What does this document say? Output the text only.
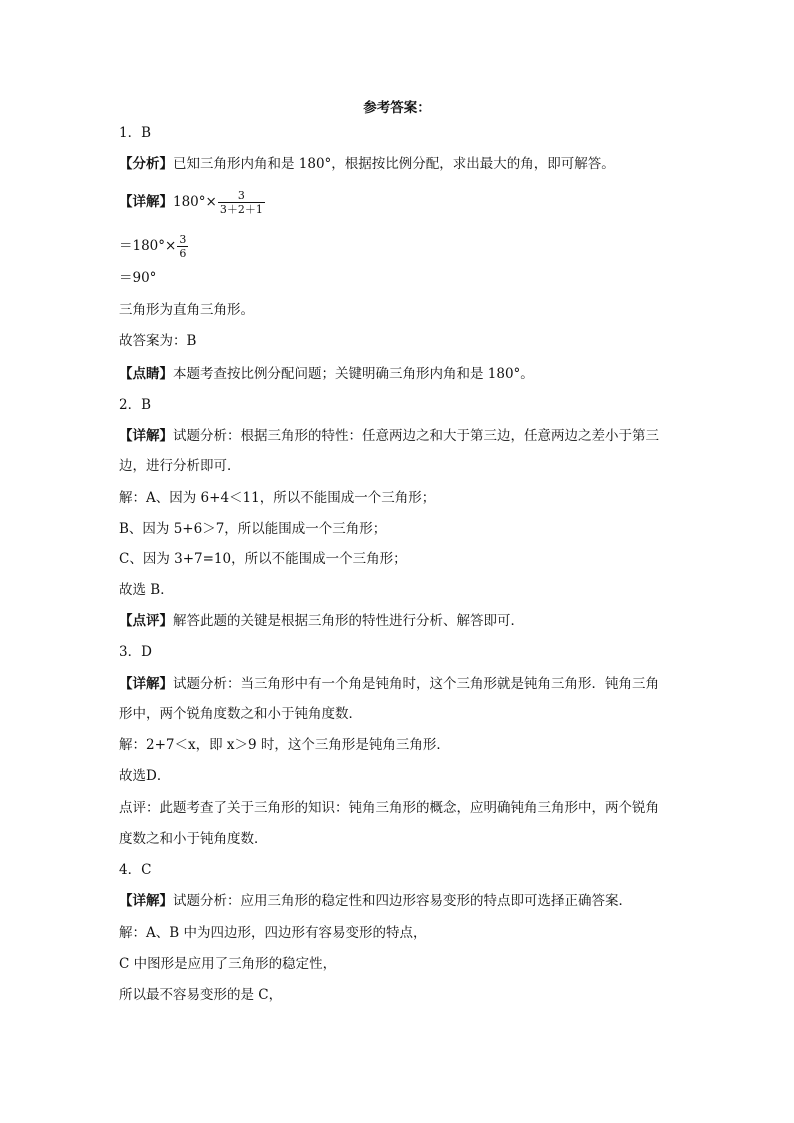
参考答案：
1．B
【分析】已知三角形内角和是 180°，根据按比例分配，求出最大的角，即可解答。
【详解】$180^\circ\times \frac{3}{3+2+1}$
$=180^\circ\times \frac{3}{6}$
＝90°
三角形为直角三角形。
故答案为：B
【点睛】本题考查按比例分配问题；关键明确三角形内角和是 180°。
2．B
【详解】试题分析：根据三角形的特性：任意两边之和大于第三边，任意两边之差小于第三
边，进行分析即可．
解：A、因为 6+4＜11，所以不能围成一个三角形；
B、因为 5+6＞7，所以能围成一个三角形；
C、因为 3+7=10，所以不能围成一个三角形；
故选 B．
【点评】解答此题的关键是根据三角形的特性进行分析、解答即可．
3．D
【详解】试题分析：当三角形中有一个角是钝角时，这个三角形就是钝角三角形．钝角三角
形中，两个锐角度数之和小于钝角度数．
解：2+7＜x，即 x＞9 时，这个三角形是钝角三角形．
故选D．
点评：此题考查了关于三角形的知识：钝角三角形的概念，应明确钝角三角形中，两个锐角
度数之和小于钝角度数．
4．C
【详解】试题分析：应用三角形的稳定性和四边形容易变形的特点即可选择正确答案．
解：A、B 中为四边形，四边形有容易变形的特点，
C 中图形是应用了三角形的稳定性，
所以最不容易变形的是 C，
